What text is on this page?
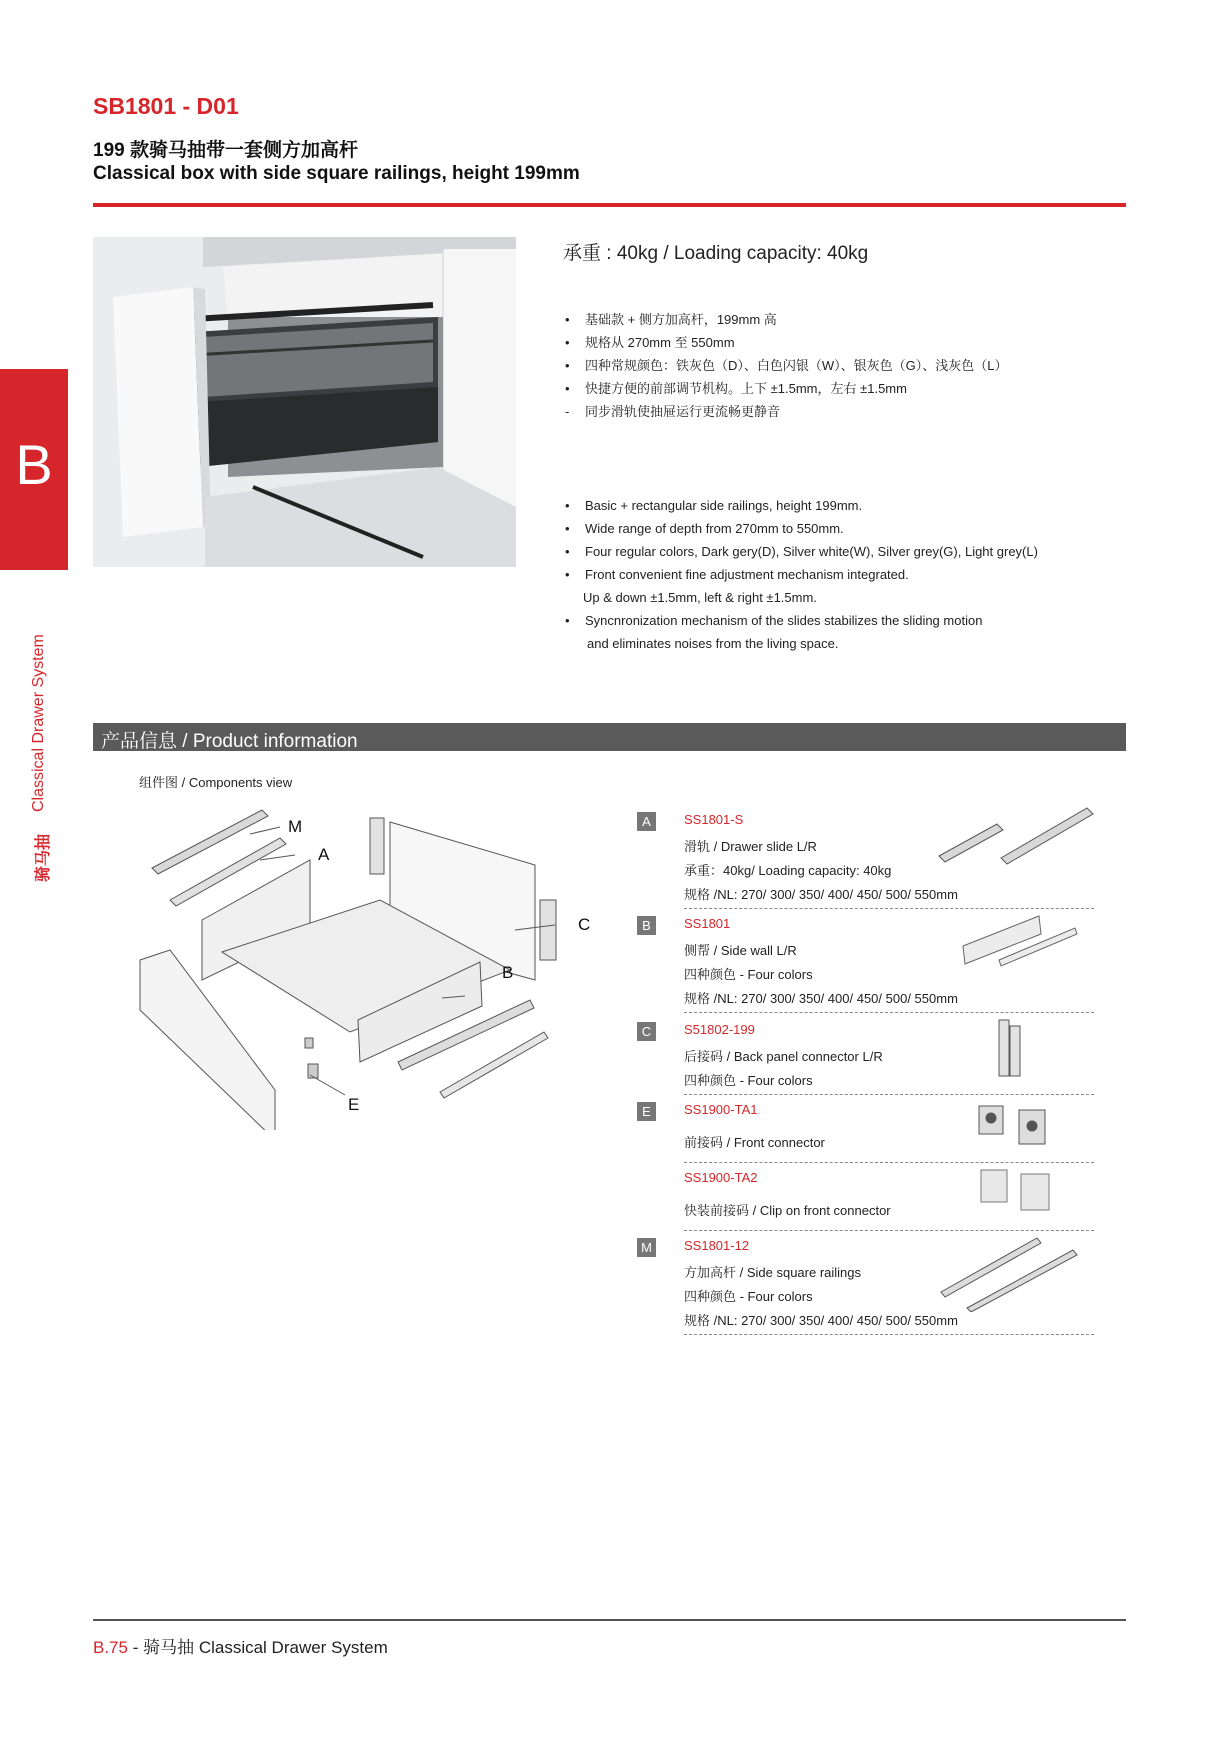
SB1801 - D01
199 款骑马抽带一套侧方加高杆
Classical box with side square railings, height 199mm
B
Classical Drawer System
骑马抽
承重 : 40kg / Loading capacity: 40kg
• 基础款 + 侧方加高杆，199mm 高
• 规格从 270mm 至 550mm
• 四种常规颜色：铁灰色（D）、白色闪银（W）、银灰色（G）、浅灰色（L）
• 快捷方便的前部调节机构。上下 ±1.5mm，左右 ±1.5mm
- 同步滑轨使抽屉运行更流畅更静音
• Basic + rectangular side railings, height 199mm.
• Wide range of depth from 270mm to 550mm.
• Four regular colors, Dark gery(D), Silver white(W), Silver grey(G), Light grey(L)
• Front convenient fine adjustment mechanism integrated.
Up & down ±1.5mm, left & right ±1.5mm.
• Syncnronization mechanism of the slides stabilizes the sliding motion
and eliminates noises from the living space.
产品信息 / Product information
组件图 / Components view
M
A
C
B
E
A	SS1801-S
滑轨 / Drawer slide L/R
承重：40kg/ Loading capacity: 40kg
规格 /NL: 270/ 300/ 350/ 400/ 450/ 500/ 550mm
B	SS1801
侧帮 / Side wall L/R
四种颜色 - Four colors
规格 /NL: 270/ 300/ 350/ 400/ 450/ 500/ 550mm
C	S51802-199
后接码 / Back panel connector L/R
四种颜色 - Four colors
E	SS1900-TA1
前接码 / Front connector
SS1900-TA2
快装前接码 / Clip on front connector
M	SS1801-12
方加高杆 / Side square railings
四种颜色 - Four colors
规格 /NL: 270/ 300/ 350/ 400/ 450/ 500/ 550mm
B.75 - 骑马抽 Classical Drawer System
